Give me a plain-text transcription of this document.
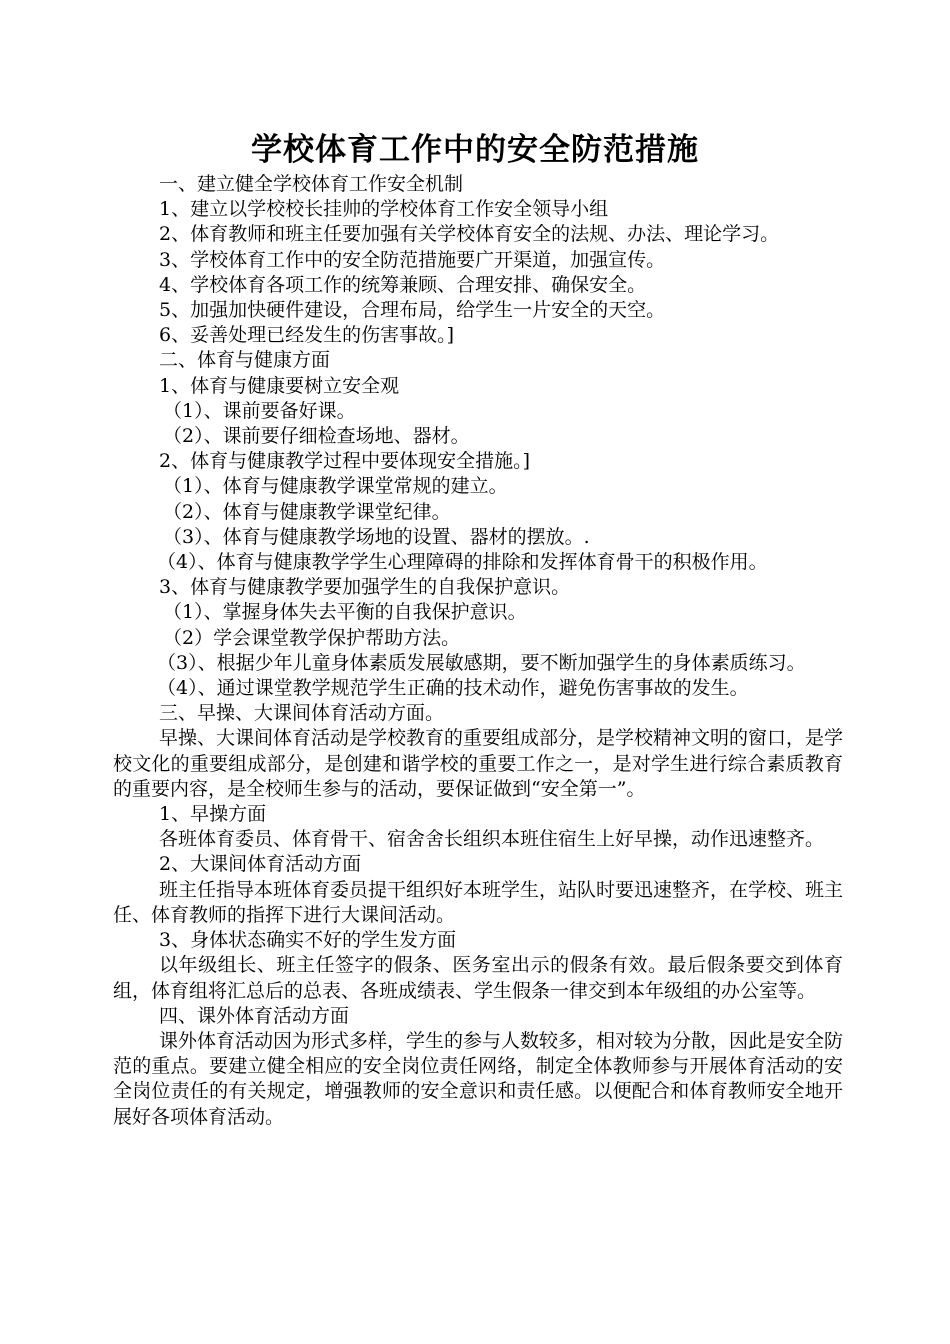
学校体育工作中的安全防范措施

一、建立健全学校体育工作安全机制

1、建立以学校校长挂帅的学校体育工作安全领导小组

2、体育教师和班主任要加强有关学校体育安全的法规、办法、理论学习。

3、学校体育工作中的安全防范措施要广开渠道，加强宣传。

4、学校体育各项工作的统筹兼顾、合理安排、确保安全。

5、加强加快硬件建设，合理布局，给学生一片安全的天空。

6、妥善处理已经发生的伤害事故。]

二、体育与健康方面

1、体育与健康要树立安全观

（1）、课前要备好课。

（2）、课前要仔细检查场地、器材。

2、体育与健康教学过程中要体现安全措施。]

（1）、体育与健康教学课堂常规的建立。

（2）、体育与健康教学课堂纪律。

（3）、体育与健康教学场地的设置、器材的摆放。.

（4）、体育与健康教学学生心理障碍的排除和发挥体育骨干的积极作用。

3、体育与健康教学要加强学生的自我保护意识。

（1）、掌握身体失去平衡的自我保护意识。

（2）学会课堂教学保护帮助方法。

（3）、根据少年儿童身体素质发展敏感期，要不断加强学生的身体素质练习。

（4）、通过课堂教学规范学生正确的技术动作，避免伤害事故的发生。

三、早操、大课间体育活动方面。

早操、大课间体育活动是学校教育的重要组成部分，是学校精神文明的窗口，是学校文化的重要组成部分，是创建和谐学校的重要工作之一，是对学生进行综合素质教育的重要内容，是全校师生参与的活动，要保证做到“安全第一”。

1、早操方面

各班体育委员、体育骨干、宿舍舍长组织本班住宿生上好早操，动作迅速整齐。

2、大课间体育活动方面

班主任指导本班体育委员提干组织好本班学生，站队时要迅速整齐，在学校、班主任、体育教师的指挥下进行大课间活动。

3、身体状态确实不好的学生发方面

以年级组长、班主任签字的假条、医务室出示的假条有效。最后假条要交到体育组，体育组将汇总后的总表、各班成绩表、学生假条一律交到本年级组的办公室等。

四、课外体育活动方面

课外体育活动因为形式多样，学生的参与人数较多，相对较为分散，因此是安全防范的重点。要建立健全相应的安全岗位责任网络，制定全体教师参与开展体育活动的安全岗位责任的有关规定，增强教师的安全意识和责任感。以便配合和体育教师安全地开展好各项体育活动。
